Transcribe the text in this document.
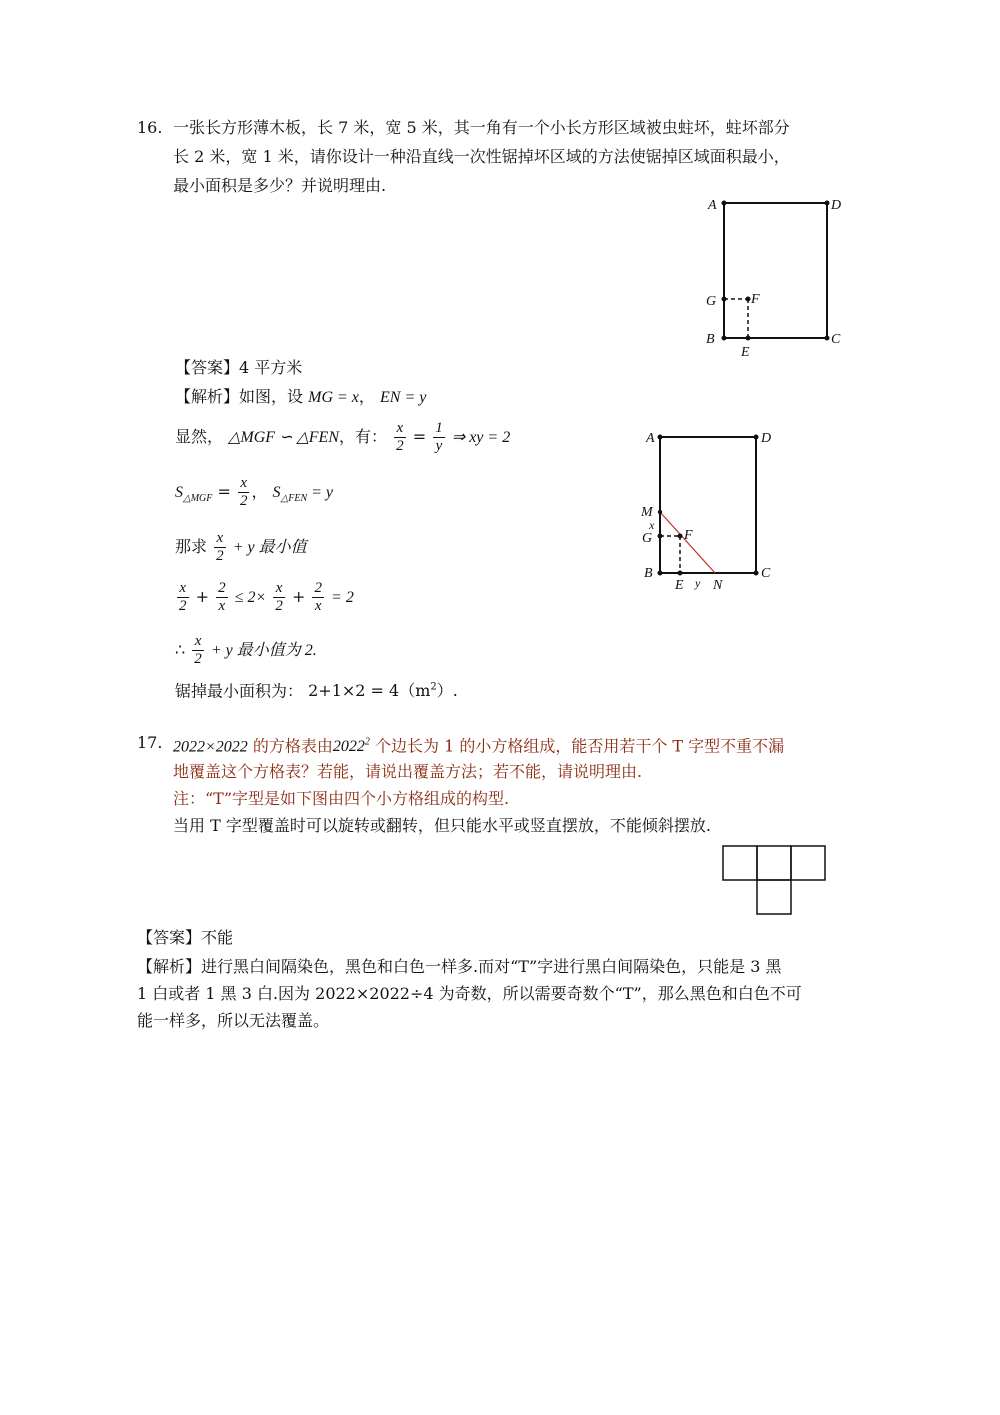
16. 一张长方形薄木板，长 7 米，宽 5 米，其一角有一个小长方形区域被虫蛀坏，蛀坏部分
长 2 米，宽 1 米，请你设计一种沿直线一次性锯掉坏区域的方法使锯掉区域面积最小，
最小面积是多少？并说明理由.
A	D
G F
B
E
C
【答案】4 平方米
【解析】如图，设 MG = x， EN = y
显然， △MGF ∽ △FEN，有： $\frac{x}{2} = \frac{1}{y}$ ⇒ xy = 2
$S_{\triangle MGF} = \frac{x}{2}$ ， $S_{\triangle FEN} = y$
那求 $\frac{x}{2} + y$ 最小值
$\frac{x}{2} + \frac{2}{x} \le 2\times \frac{x}{2} + \frac{2}{x} = 2$
∴ $\frac{x}{2} + y$ 最小值为 2.
锯掉最小面积为： $2+1\times 2 = 4(m^2)$.
A	D
M
x
G F
B
E y N
C
17. 2022×2022 的方格表由2022$^2$ 个边长为 1 的小方格组成，能否用若干个 T 字型不重不漏
地覆盖这个方格表？若能，请说出覆盖方法；若不能，请说明理由.
注：“T”字型是如下图由四个小方格组成的构型.
当用 T 字型覆盖时可以旋转或翻转，但只能水平或竖直摆放，不能倾斜摆放.
【答案】不能
【解析】进行黑白间隔染色，黑色和白色一样多.而对“T”字进行黑白间隔染色，只能是 3 黑
1 白或者 1 黑 3 白.因为 2022×2022÷4 为奇数，所以需要奇数个“T”，那么黑色和白色不可
能一样多，所以无法覆盖。
